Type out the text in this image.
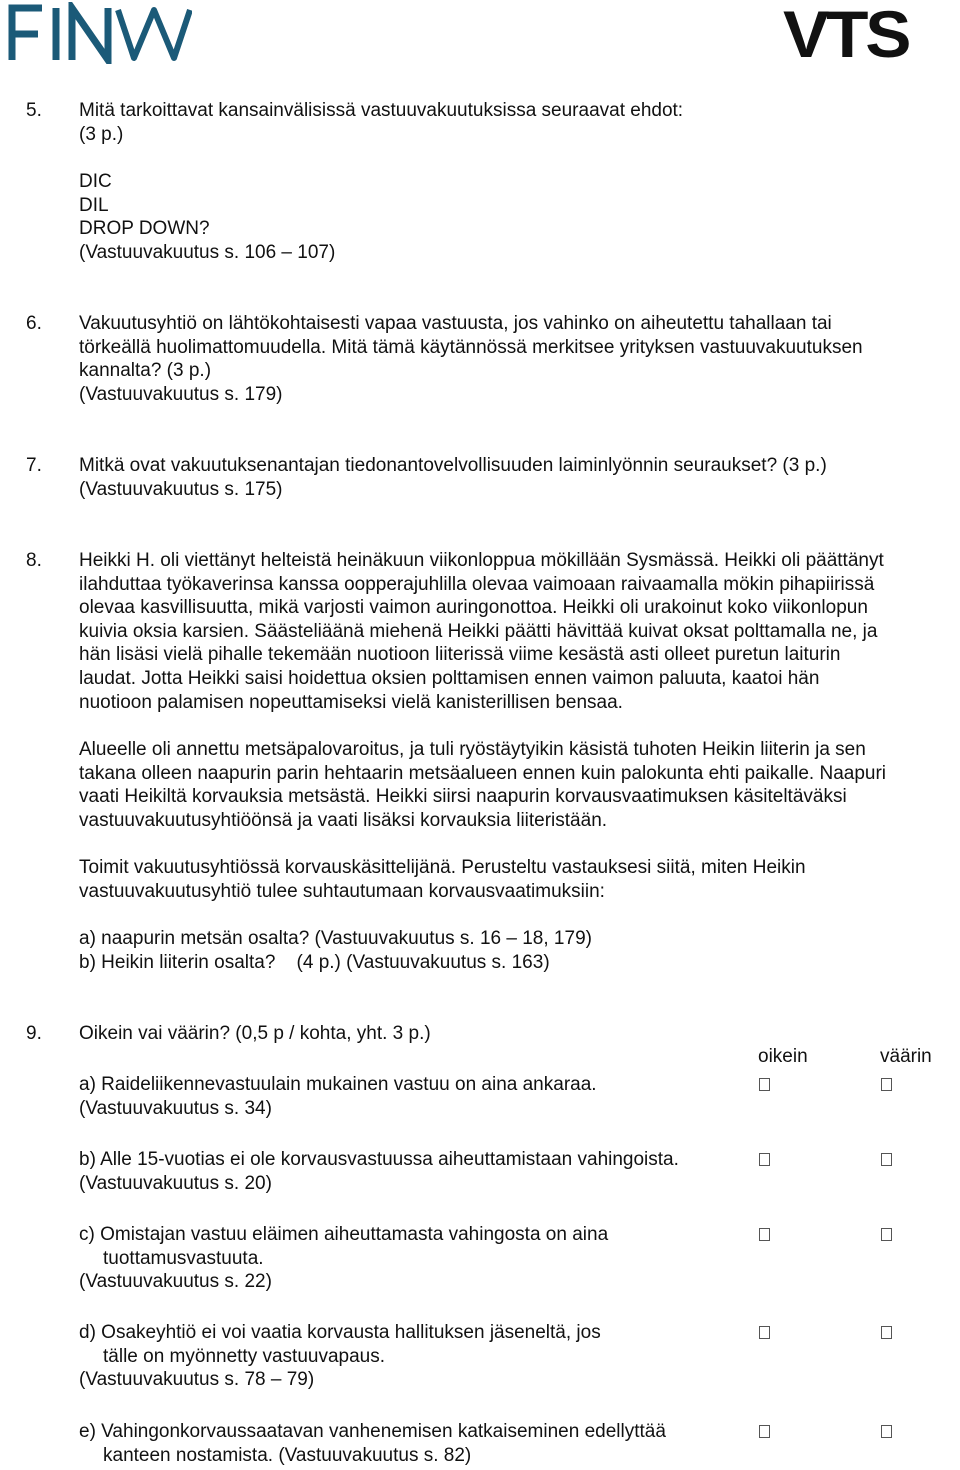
VTS
5. Mitä tarkoittavat kansainvälisissä vastuuvakuutuksissa seuraavat ehdot:
(3 p.)
DIC
DIL
DROP DOWN?
(Vastuuvakuutus s. 106 – 107)
6. Vakuutusyhtiö on lähtökohtaisesti vapaa vastuusta, jos vahinko on aiheutettu tahallaan tai
törkeällä huolimattomuudella. Mitä tämä käytännössä merkitsee yrityksen vastuuvakuutuksen
kannalta? (3 p.)
(Vastuuvakuutus s. 179)
7. Mitkä ovat vakuutuksenantajan tiedonantovelvollisuuden laiminlyönnin seuraukset? (3 p.)
(Vastuuvakuutus s. 175)
8. Heikki H. oli viettänyt helteistä heinäkuun viikonloppua mökillään Sysmässä. Heikki oli päättänyt
ilahduttaa työkaverinsa kanssa oopperajuhlilla olevaa vaimoaan raivaamalla mökin pihapiirissä
olevaa kasvillisuutta, mikä varjosti vaimon auringonottoa. Heikki oli urakoinut koko viikonlopun
kuivia oksia karsien. Säästeliäänä miehenä Heikki päätti hävittää kuivat oksat polttamalla ne, ja
hän lisäsi vielä pihalle tekemään nuotioon liiterissä viime kesästä asti olleet puretun laiturin
laudat. Jotta Heikki saisi hoidettua oksien polttamisen ennen vaimon paluuta, kaatoi hän
nuotioon palamisen nopeuttamiseksi vielä kanisterillisen bensaa.
Alueelle oli annettu metsäpalovaroitus, ja tuli ryöstäytyikin käsistä tuhoten Heikin liiterin ja sen
takana olleen naapurin parin hehtaarin metsäalueen ennen kuin palokunta ehti paikalle. Naapuri
vaati Heikiltä korvauksia metsästä. Heikki siirsi naapurin korvausvaatimuksen käsiteltäväksi
vastuuvakuutusyhtiöönsä ja vaati lisäksi korvauksia liiteristään.
Toimit vakuutusyhtiössä korvauskäsittelijänä. Perusteltu vastauksesi siitä, miten Heikin
vastuuvakuutusyhtiö tulee suhtautumaan korvausvaatimuksiin:
a) naapurin metsän osalta? (Vastuuvakuutus s. 16 – 18, 179)
b) Heikin liiterin osalta?    (4 p.) (Vastuuvakuutus s. 163)
9. Oikein vai väärin? (0,5 p / kohta, yht. 3 p.)
oikein	väärin
a) Raideliikennevastuulain mukainen vastuu on aina ankaraa.
(Vastuuvakuutus s. 34)
b) Alle 15-vuotias ei ole korvausvastuussa aiheuttamistaan vahingoista.
(Vastuuvakuutus s. 20)
c) Omistajan vastuu eläimen aiheuttamasta vahingosta on aina
tuottamusvastuuta.
(Vastuuvakuutus s. 22)
d) Osakeyhtiö ei voi vaatia korvausta hallituksen jäseneltä, jos
tälle on myönnetty vastuuvapaus.
(Vastuuvakuutus s. 78 – 79)
e) Vahingonkorvaussaatavan vanhenemisen katkaiseminen edellyttää
kanteen nostamista. (Vastuuvakuutus s. 82)
